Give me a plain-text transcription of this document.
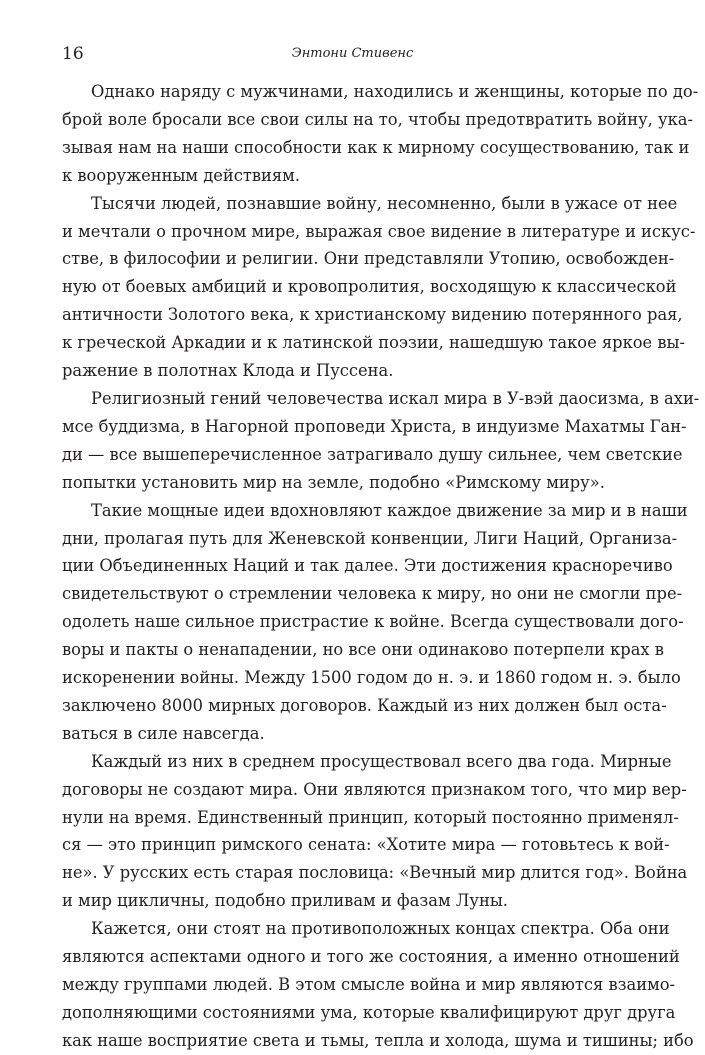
16	Энтони Стивенс
Однако наряду с мужчинами, находились и женщины, которые по до-
брой воле бросали все свои силы на то, чтобы предотвратить войну, ука-
зывая нам на наши способности как к мирному сосуществованию, так и
к вооруженным действиям.
Тысячи людей, познавшие войну, несомненно, были в ужасе от нее
и мечтали о прочном мире, выражая свое видение в литературе и искус-
стве, в философии и религии. Они представляли Утопию, освобожден-
ную от боевых амбиций и кровопролития, восходящую к классической
античности Золотого века, к христианскому видению потерянного рая,
к греческой Аркадии и к латинской поэзии, нашедшую такое яркое вы-
ражение в полотнах Клода и Пуссена.
Религиозный гений человечества искал мира в У-вэй даосизма, в ахи-
мсе буддизма, в Нагорной проповеди Христа, в индуизме Махатмы Ган-
ди — все вышеперечисленное затрагивало душу сильнее, чем светские
попытки установить мир на земле, подобно «Римскому миру».
Такие мощные идеи вдохновляют каждое движение за мир и в наши
дни, пролагая путь для Женевской конвенции, Лиги Наций, Организа-
ции Объединенных Наций и так далее. Эти достижения красноречиво
свидетельствуют о стремлении человека к миру, но они не смогли пре-
одолеть наше сильное пристрастие к войне. Всегда существовали дого-
воры и пакты о ненападении, но все они одинаково потерпели крах в
искоренении войны. Между 1500 годом до н. э. и 1860 годом н. э. было
заключено 8000 мирных договоров. Каждый из них должен был оста-
ваться в силе навсегда.
Каждый из них в среднем просуществовал всего два года. Мирные
договоры не создают мира. Они являются признаком того, что мир вер-
нули на время. Единственный принцип, который постоянно применял-
ся — это принцип римского сената: «Хотите мира — готовьтесь к вой-
не». У русских есть старая пословица: «Вечный мир длится год». Война
и мир цикличны, подобно приливам и фазам Луны.
Кажется, они стоят на противоположных концах спектра. Оба они
являются аспектами одного и того же состояния, а именно отношений
между группами людей. В этом смысле война и мир являются взаимо-
дополняющими состояниями ума, которые квалифицируют друг друга
как наше восприятие света и тьмы, тепла и холода, шума и тишины; ибо
